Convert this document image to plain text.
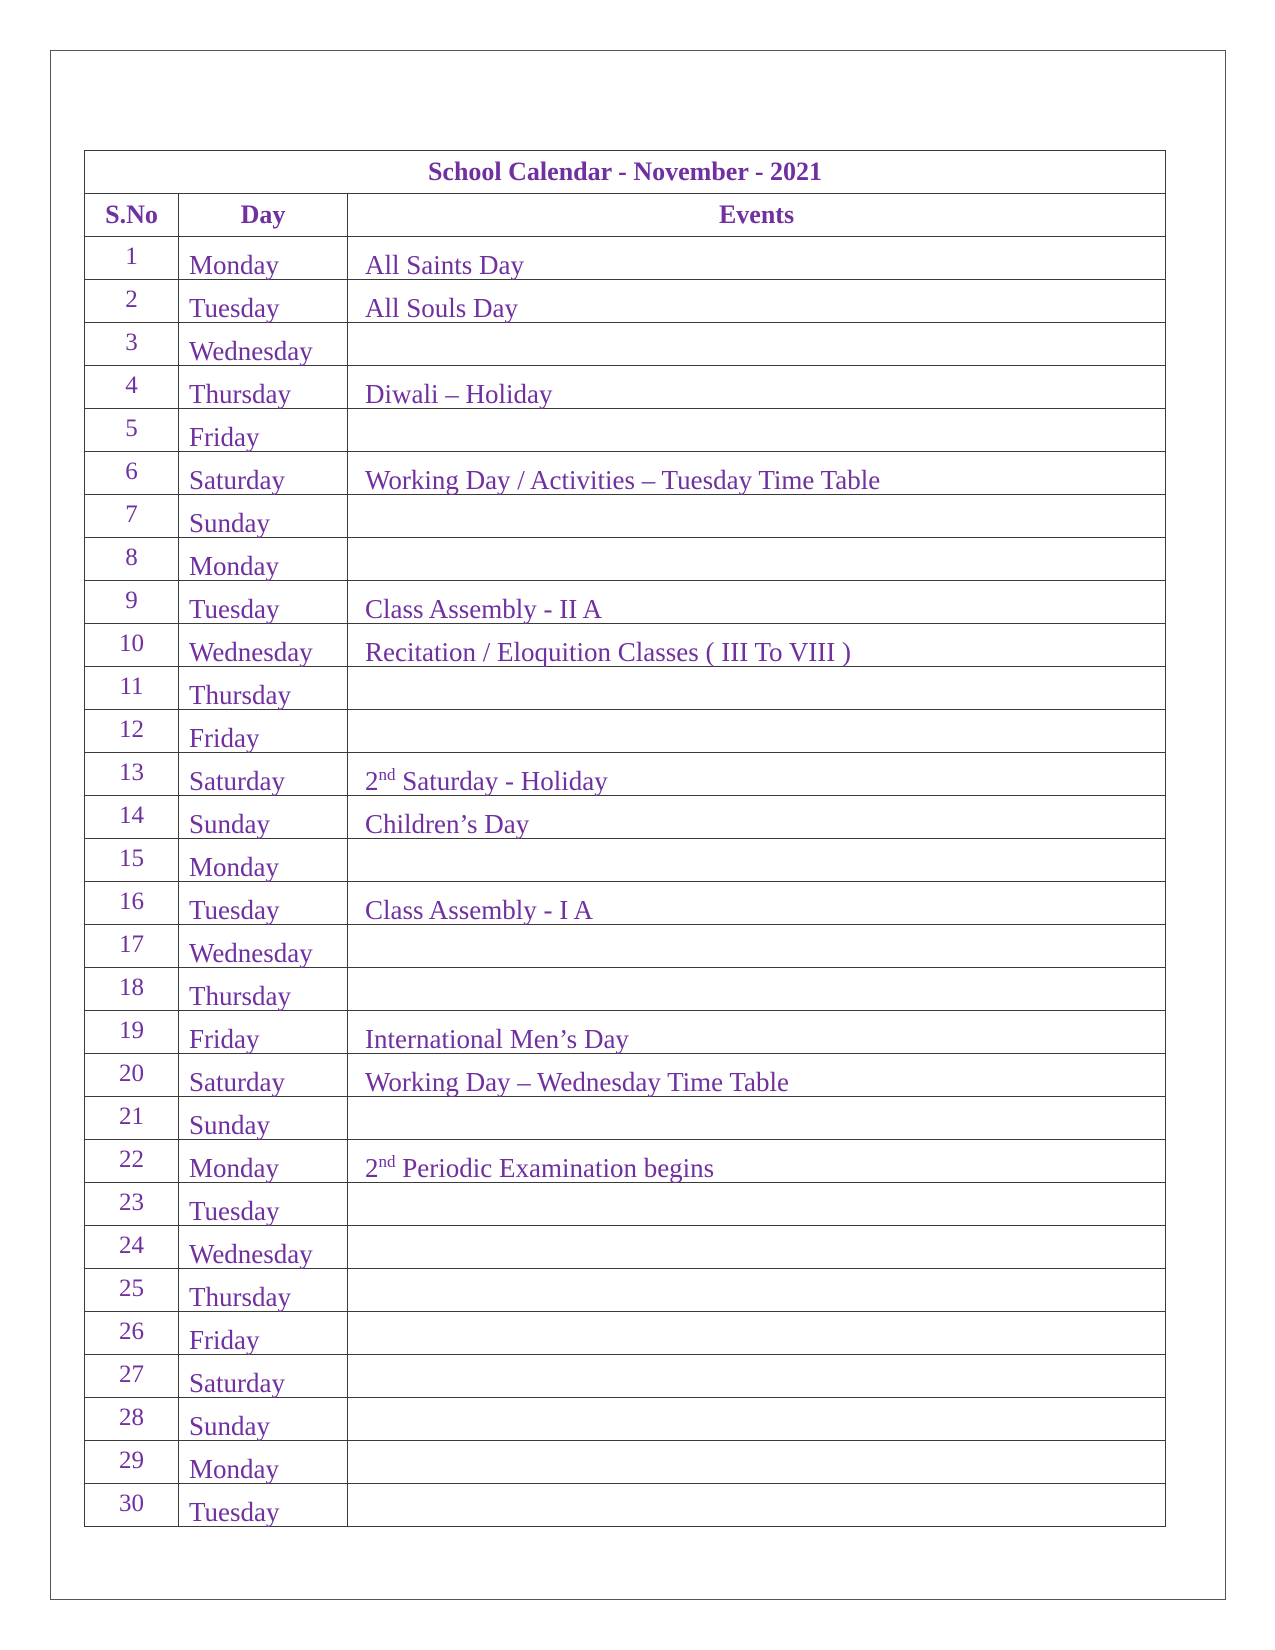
School Calendar - November - 2021		
S.No	Day	Events
1	Monday	All Saints Day
2	Tuesday	All Souls Day
3	Wednesday	
4	Thursday	Diwali – Holiday
5	Friday	
6	Saturday	Working Day / Activities – Tuesday Time Table
7	Sunday	
8	Monday	
9	Tuesday	Class Assembly - II A
10	Wednesday	Recitation / Eloquition Classes ( III To VIII )
11	Thursday	
12	Friday	
13	Saturday	2nd Saturday - Holiday
14	Sunday	Children’s Day
15	Monday	
16	Tuesday	Class Assembly - I A
17	Wednesday	
18	Thursday	
19	Friday	International Men’s Day
20	Saturday	Working Day – Wednesday Time Table
21	Sunday	
22	Monday	2nd Periodic Examination begins
23	Tuesday	
24	Wednesday	
25	Thursday	
26	Friday	
27	Saturday	
28	Sunday	
29	Monday	
30	Tuesday	
